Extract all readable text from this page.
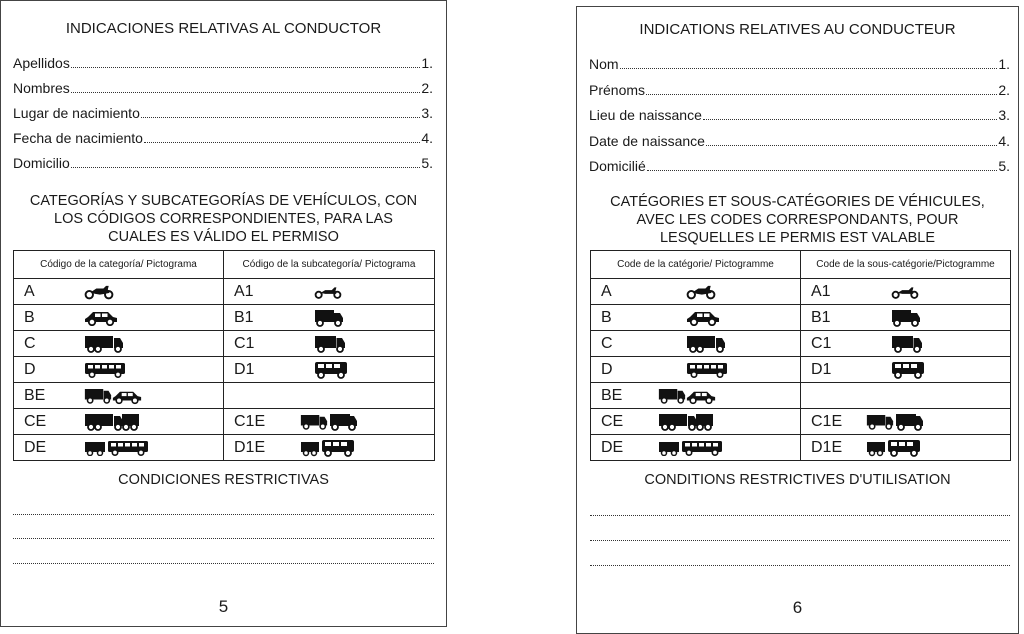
INDICACIONES RELATIVAS AL CONDUCTOR
Apellidos	1.
Nombres	2.
Lugar de nacimiento	3.
Fecha de nacimiento	4.
Domicilio	5.
CATEGORÍAS Y SUBCATEGORÍAS DE VEHÍCULOS, CON
LOS CÓDIGOS CORRESPONDIENTES, PARA LAS
CUALES ES VÁLIDO EL PERMISO
Código de la categoría/ Pictograma	Código de la subcategoría/ Pictograma

A	A1

B	B1

C	C1

D	D1

BE	

CE	C1E

DE	D1E
CONDICIONES RESTRICTIVAS
5
INDICATIONS RELATIVES AU CONDUCTEUR
Nom	1.
Prénoms	2.
Lieu de naissance	3.
Date de naissance	4.
Domicilié	5.
CATÉGORIES ET SOUS-CATÉGORIES DE VÉHICULES,
AVEC LES CODES CORRESPONDANTS, POUR
LESQUELLES LE PERMIS EST VALABLE
Code de la catégorie/ Pictogramme	Code de la sous-catégorie/Pictogramme

A	A1

B	B1

C	C1

D	D1

BE	

CE	C1E

DE	D1E
CONDITIONS RESTRICTIVES D'UTILISATION
6
